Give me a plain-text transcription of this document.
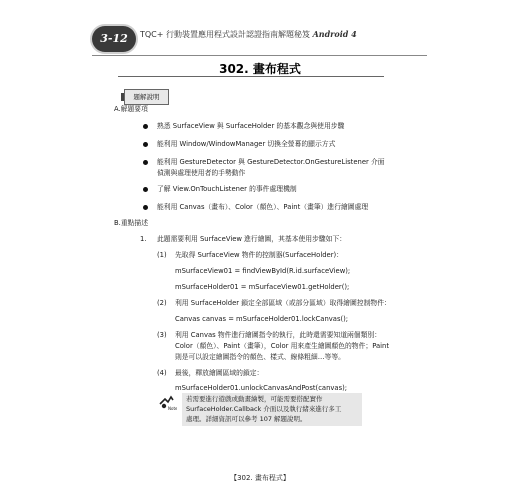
3-12	TQC+ 行動裝置應用程式設計認證指南解題秘笈 Android 4
302. 畫布程式
題解說明
A.解題要項
熟悉 SurfaceView 與 SurfaceHolder 的基本觀念與使用步驟
能利用 Window/WindowManager 切換全螢幕的顯示方式
能利用 GestureDetector 與 GestureDetector.OnGestureListener 介面
偵測與處理使用者的手勢動作
了解 View.OnTouchListener 的事件處理機制
能利用 Canvas（畫布）、Color（顏色）、Paint（畫筆）進行繪圖處理
B.重點描述
1. 此題需要利用 SurfaceView 進行繪圖，其基本使用步驟如下：
(1) 先取得 SurfaceView 物件的控制器(SurfaceHolder)：
mSurfaceView01 = findViewById(R.id.surfaceView);
mSurfaceHolder01 = mSurfaceView01.getHolder();
(2) 利用 SurfaceHolder 鎖定全部區域（或部分區域）取得繪圖控制物件：
Canvas canvas = mSurfaceHolder01.lockCanvas();
(3) 利用 Canvas 物件進行繪圖指令的執行，此時還需要知道兩個類別：
Color（顏色）、Paint（畫筆），Color 用來產生繪圖顏色的物件；Paint
則是可以設定繪圖指令的顏色、樣式、線條粗細…等等。
(4) 最後，釋放繪圖區域的鎖定：
mSurfaceHolder01.unlockCanvasAndPost(canvas);
Note
若需要進行遊戲或動畫繪製，可能需要搭配實作
SurfaceHolder.Callback 介面以及執行緒來進行多工
處理。詳細資訊可以參考 107 解題說明。
【302. 畫布程式】
